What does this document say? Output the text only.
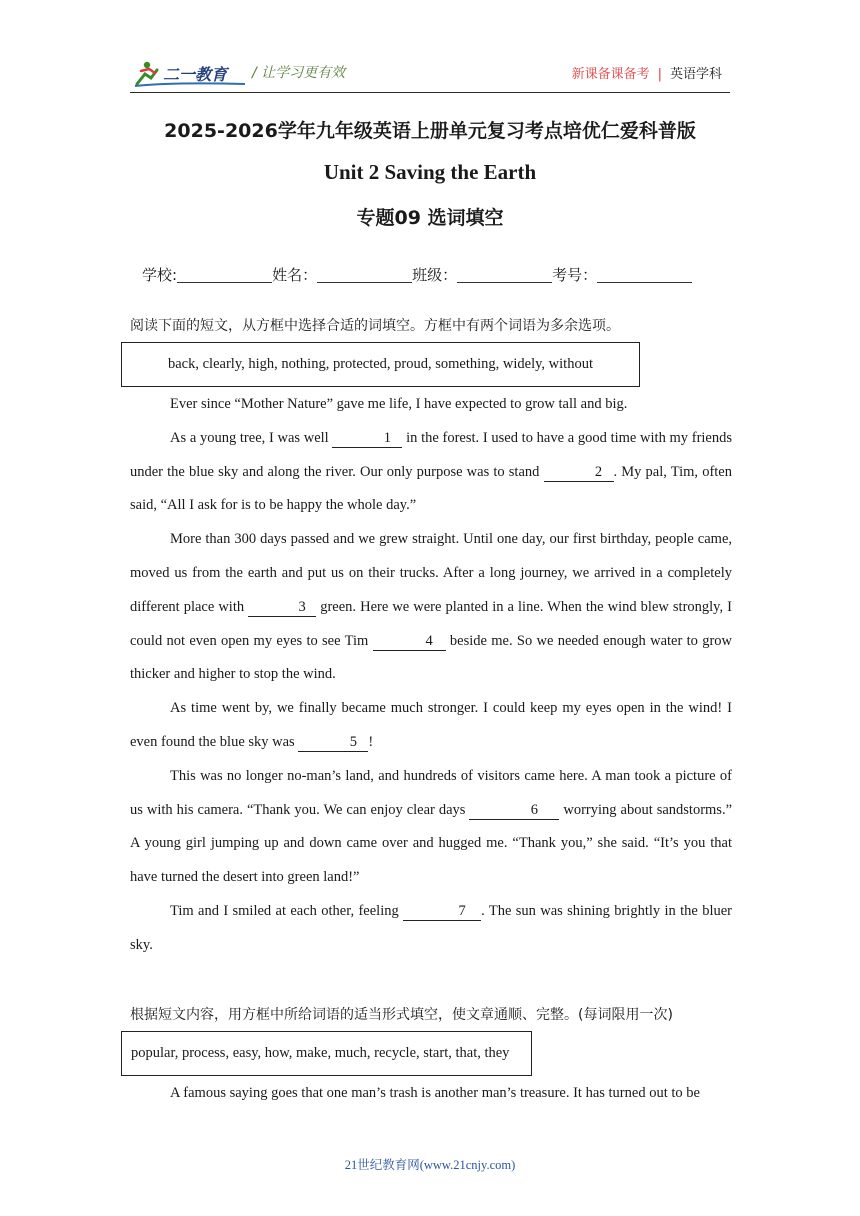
二一教育 / 让学习更有效	新课备课备考 | 英语学科
2025-2026学年九年级英语上册单元复习考点培优仁爱科普版
Unit 2 Saving the Earth
专题09 选词填空
学校:	姓名：	班级：	考号：
阅读下面的短文，从方框中选择合适的词填空。方框中有两个词语为多余选项。
back, clearly, high, nothing, protected, proud, something, widely, without

Ever since “Mother Nature” gave me life, I have expected to grow tall and big.

As a young tree, I was well	1 in the forest. I used to have a good time with my friends under the blue sky and along the river. Our only purpose was to stand	2 . My pal, Tim, often said, “All I ask for is to be happy the whole day.”

More than 300 days passed and we grew straight. Until one day, our first birthday, people came, moved us from the earth and put us on their trucks. After a long journey, we arrived in a completely different place with	3 green. Here we were planted in a line. When the wind blew strongly, I could not even open my eyes to see Tim	4 beside me. So we needed enough water to grow thicker and higher to stop the wind.

As time went by, we finally became much stronger. I could keep my eyes open in the wind! I even found the blue sky was	5 !

This was no longer no-man’s land, and hundreds of visitors came here. A man took a picture of us with his camera. “Thank you. We can enjoy clear days	6 worrying about sandstorms.” A young girl jumping up and down came over and hugged me. “Thank you,” she said. “It’s you that have turned the desert into green land!”

Tim and I smiled at each other, feeling	7 . The sun was shining brightly in the bluer sky.

根据短文内容，用方框中所给词语的适当形式填空，使文章通顺、完整。(每词限用一次)
popular, process, easy, how, make, much, recycle, start, that, they

A famous saying goes that one man’s trash is another man’s treasure. It has turned out to be

21世纪教育网(www.21cnjy.com)
